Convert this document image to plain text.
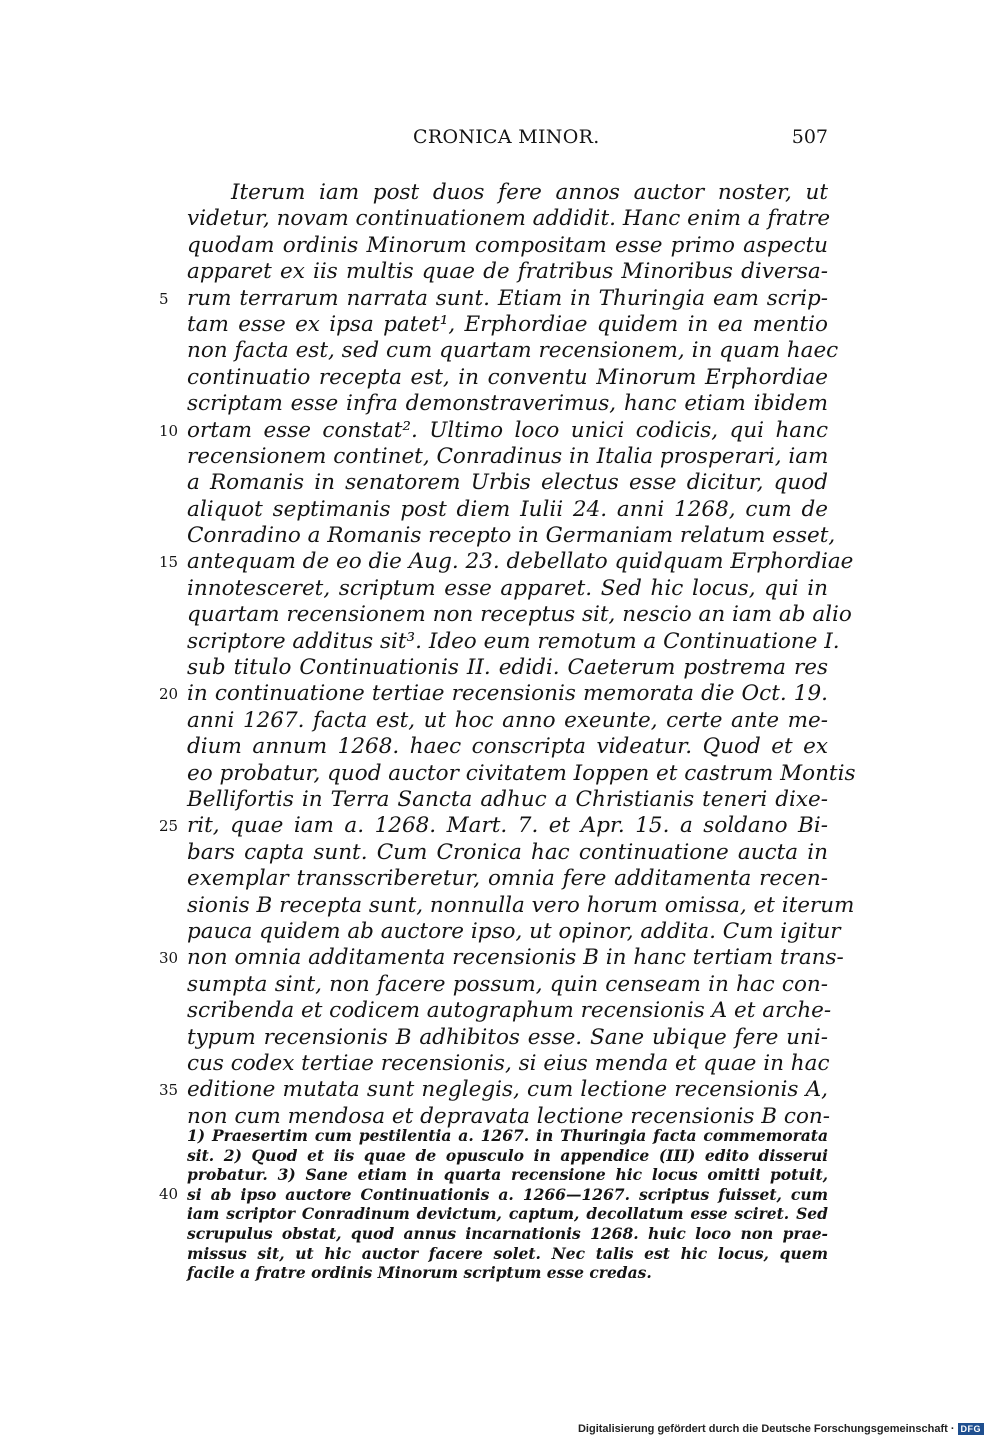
CRONICA MINOR.	507
Iterum iam post duos fere annos auctor noster, ut
videtur, novam continuationem addidit. Hanc enim a fratre
quodam ordinis Minorum compositam esse primo aspectu
apparet ex iis multis quae de fratribus Minoribus diversa-
5 rum terrarum narrata sunt. Etiam in Thuringia eam scrip-
tam esse ex ipsa patet¹, Erphordiae quidem in ea mentio
non facta est, sed cum quartam recensionem, in quam haec
continuatio recepta est, in conventu Minorum Erphordiae
scriptam esse infra demonstraverimus, hanc etiam ibidem
10 ortam esse constat². Ultimo loco unici codicis, qui hanc
recensionem continet, Conradinus in Italia prosperari, iam
a Romanis in senatorem Urbis electus esse dicitur, quod
aliquot septimanis post diem Iulii 24. anni 1268, cum de
Conradino a Romanis recepto in Germaniam relatum esset,
15 antequam de eo die Aug. 23. debellato quidquam Erphordiae
innotesceret, scriptum esse apparet. Sed hic locus, qui in
quartam recensionem non receptus sit, nescio an iam ab alio
scriptore additus sit³. Ideo eum remotum a Continuatione I.
sub titulo Continuationis II. edidi. Caeterum postrema res
20 in continuatione tertiae recensionis memorata die Oct. 19.
anni 1267. facta est, ut hoc anno exeunte, certe ante me-
dium annum 1268. haec conscripta videatur. Quod et ex
eo probatur, quod auctor civitatem Ioppen et castrum Montis
Bellifortis in Terra Sancta adhuc a Christianis teneri dixe-
25 rit, quae iam a. 1268. Mart. 7. et Apr. 15. a soldano Bi-
bars capta sunt. Cum Cronica hac continuatione aucta in
exemplar transscriberetur, omnia fere additamenta recen-
sionis B recepta sunt, nonnulla vero horum omissa, et iterum
pauca quidem ab auctore ipso, ut opinor, addita. Cum igitur
30 non omnia additamenta recensionis B in hanc tertiam trans-
sumpta sint, non facere possum, quin censeam in hac con-
scribenda et codicem autographum recensionis A et arche-
typum recensionis B adhibitos esse. Sane ubique fere uni-
cus codex tertiae recensionis, si eius menda et quae in hac
35 editione mutata sunt neglegis, cum lectione recensionis A,
non cum mendosa et depravata lectione recensionis B con-
1) Praesertim cum pestilentia a. 1267. in Thuringia facta commemorata
sit. 2) Quod et iis quae de opusculo in appendice (III) edito disserui
probatur. 3) Sane etiam in quarta recensione hic locus omitti potuit,
40 si ab ipso auctore Continuationis a. 1266—1267. scriptus fuisset, cum
iam scriptor Conradinum devictum, captum, decollatum esse sciret. Sed
scrupulus obstat, quod annus incarnationis 1268. huic loco non prae-
missus sit, ut hic auctor facere solet. Nec talis est hic locus, quem
facile a fratre ordinis Minorum scriptum esse credas.
Digitalisierung gefördert durch die Deutsche Forschungsgemeinschaft · DFG
